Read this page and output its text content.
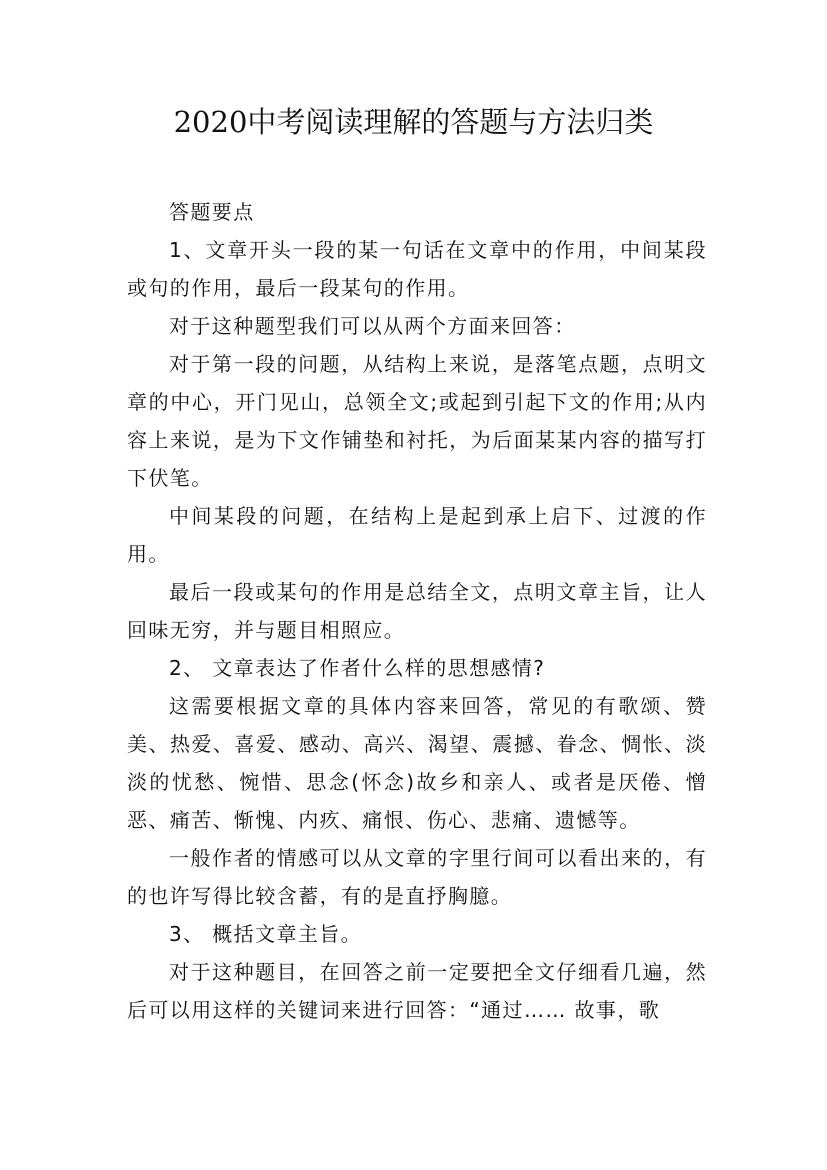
2020中考阅读理解的答题与方法归类

答题要点

1、文章开头一段的某一句话在文章中的作用，中间某段或句的作用，最后一段某句的作用。

对于这种题型我们可以从两个方面来回答：

对于第一段的问题，从结构上来说，是落笔点题，点明文章的中心，开门见山，总领全文;或起到引起下文的作用;从内容上来说，是为下文作铺垫和衬托，为后面某某内容的描写打下伏笔。

中间某段的问题，在结构上是起到承上启下、过渡的作用。

最后一段或某句的作用是总结全文，点明文章主旨，让人回味无穷，并与题目相照应。

2、 文章表达了作者什么样的思想感情?

这需要根据文章的具体内容来回答，常见的有歌颂、赞美、热爱、喜爱、感动、高兴、渴望、震撼、眷念、惆怅、淡淡的忧愁、惋惜、思念(怀念)故乡和亲人、或者是厌倦、憎恶、痛苦、惭愧、内疚、痛恨、伤心、悲痛、遗憾等。

一般作者的情感可以从文章的字里行间可以看出来的，有的也许写得比较含蓄，有的是直抒胸臆。

3、 概括文章主旨。

对于这种题目，在回答之前一定要把全文仔细看几遍，然后可以用这样的关键词来进行回答：“通过…… 故事，歌
